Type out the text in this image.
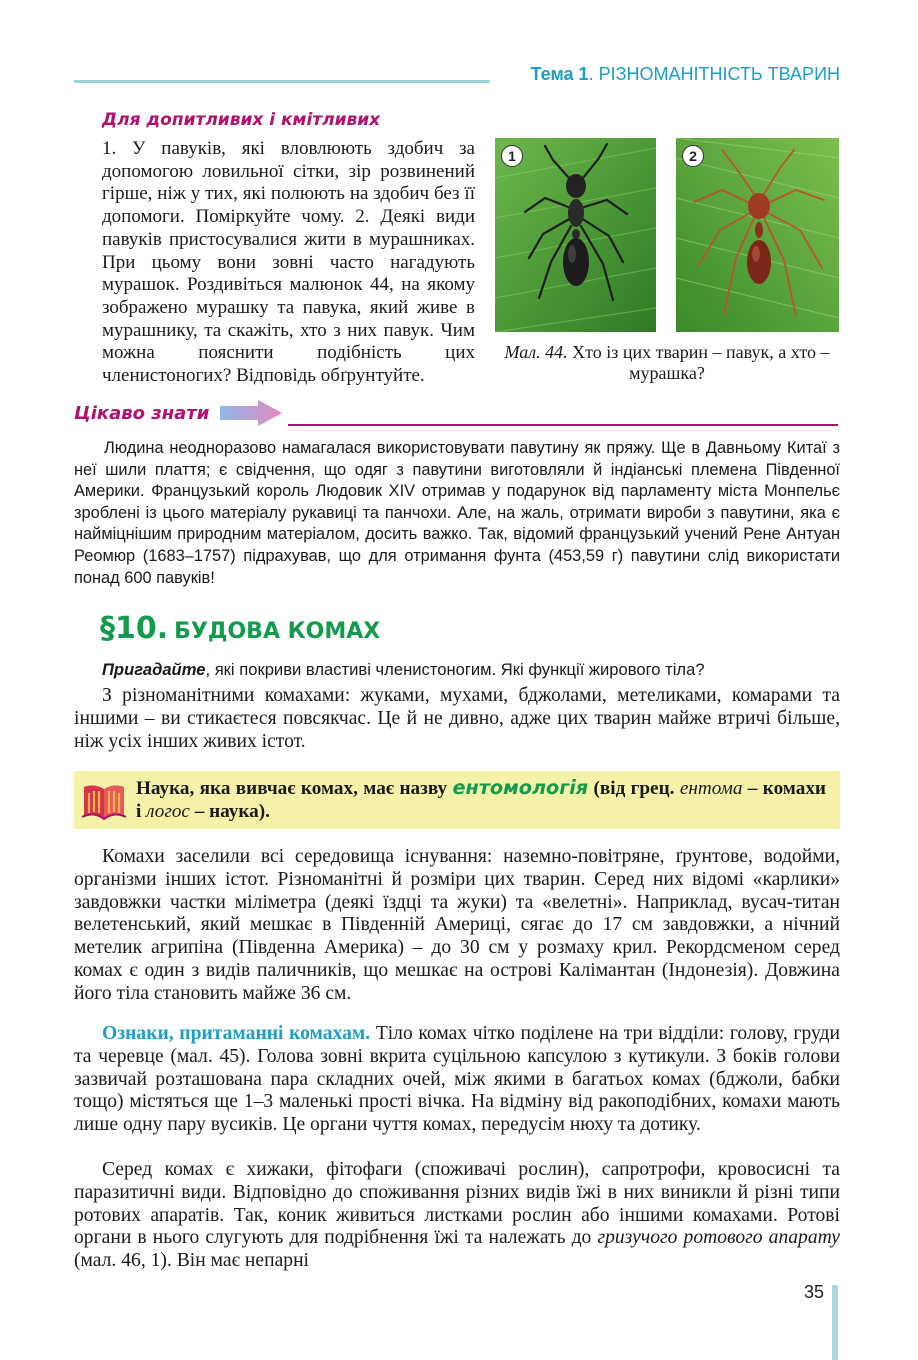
Тема 1. РІЗНОМАНІТНІСТЬ ТВАРИН
Для допитливих і кмітливих
1. У павуків, які вловлюють здобич за допомогою ловильної сітки, зір розвинений гірше, ніж у тих, які полюють на здобич без її допомоги. Поміркуйте чому. 2. Деякі види павуків пристосувалися жити в мурашниках. При цьому вони зовні часто нагадують мурашок. Роздивіться малюнок 44, на якому зображено мурашку та павука, який живе в мурашнику, та скажіть, хто з них павук. Чим можна пояснити подібність цих членистоногих? Відповідь обґрунтуйте.
1	2
Мал. 44. Хто із цих тварин – павук, а хто – мурашка?
Цікаво знати
Людина неодноразово намагалася використовувати павутину як пряжу. Ще в Давньому Китаї з неї шили плаття; є свідчення, що одяг з павутини виготовляли й індіанські племена Південної Америки. Французький король Людовик XIV отримав у подарунок від парламенту міста Монпельє зроблені із цього матеріалу рукавиці та панчохи. Але, на жаль, отримати вироби з павутини, яка є найміцнішим природним матеріалом, досить важко. Так, відомий французький учений Рене Антуан Реомюр (1683–1757) підрахував, що для отримання фунта (453,59 г) павутини слід використати понад 600 павуків!
§10. БУДОВА КОМАХ
Пригадайте, які покриви властиві членистоногим. Які функції жирового тіла?
З різноманітними комахами: жуками, мухами, бджолами, метеликами, комарами та іншими – ви стикаєтеся повсякчас. Це й не дивно, адже цих тварин майже втричі більше, ніж усіх інших живих істот.
Наука, яка вивчає комах, має назву ентомологія (від грец. ентома – комахи і логос – наука).
Комахи заселили всі середовища існування: наземно-повітряне, ґрунтове, водойми, організми інших істот. Різноманітні й розміри цих тварин. Серед них відомі «карлики» завдовжки частки міліметра (деякі їздці та жуки) та «велетні». Наприклад, вусач-титан велетенський, який мешкає в Південній Америці, сягає до 17 см завдовжки, а нічний метелик агрипіна (Південна Америка) – до 30 см у розмаху крил. Рекордсменом серед комах є один з видів паличників, що мешкає на острові Калімантан (Індонезія). Довжина його тіла становить майже 36 см.
Ознаки, притаманні комахам. Тіло комах чітко поділене на три відділи: голову, груди та черевце (мал. 45). Голова зовні вкрита суцільною капсулою з кутикули. З боків голови зазвичай розташована пара складних очей, між якими в багатьох комах (бджоли, бабки тощо) містяться ще 1–3 маленькі прості вічка. На відміну від ракоподібних, комахи мають лише одну пару вусиків. Це органи чуття комах, передусім нюху та дотику.
Серед комах є хижаки, фітофаги (споживачі рослин), сапротрофи, кровосисні та паразитичні види. Відповідно до споживання різних видів їжі в них виникли й різні типи ротових апаратів. Так, коник живиться листками рослин або іншими комахами. Ротові органи в нього слугують для подрібнення їжі та належать до гризучого ротового апарату (мал. 46, 1). Він має непарні
35
